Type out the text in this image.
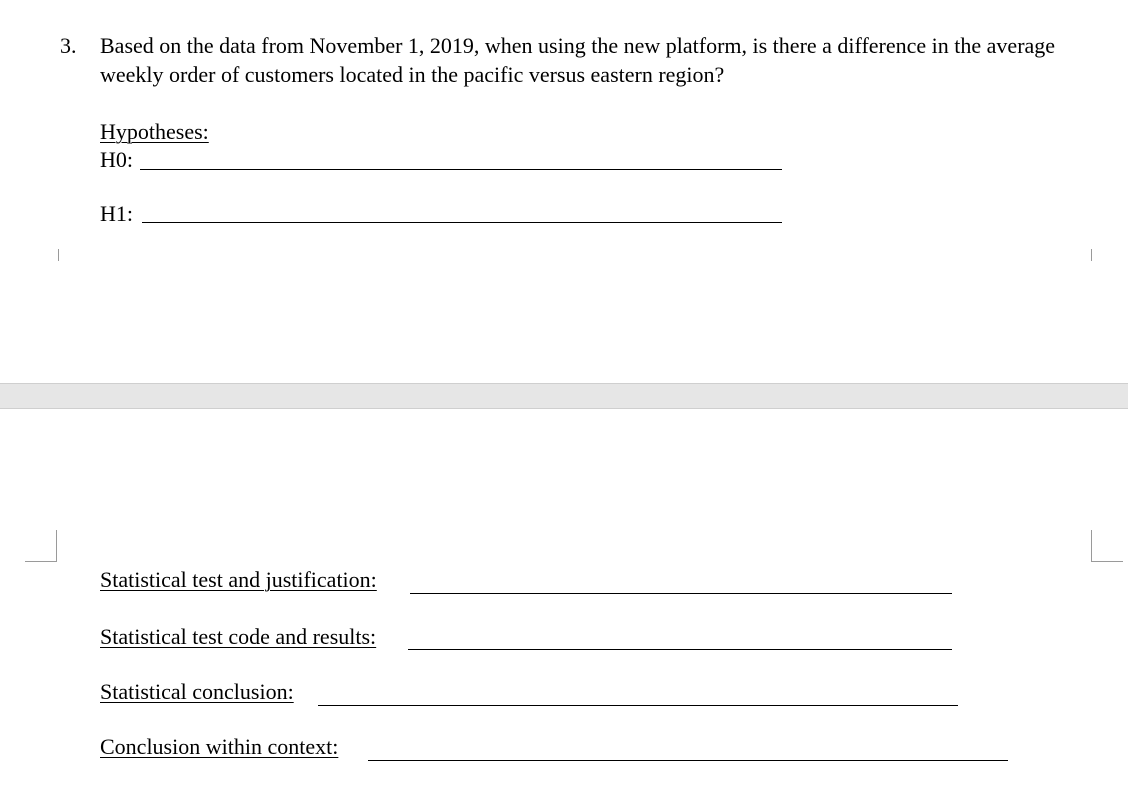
3. Based on the data from November 1, 2019, when using the new platform, is there a difference in the average weekly order of customers located in the pacific versus eastern region?
Hypotheses:
H0:
H1:
Statistical test and justification:
Statistical test code and results:
Statistical conclusion:
Conclusion within context:
